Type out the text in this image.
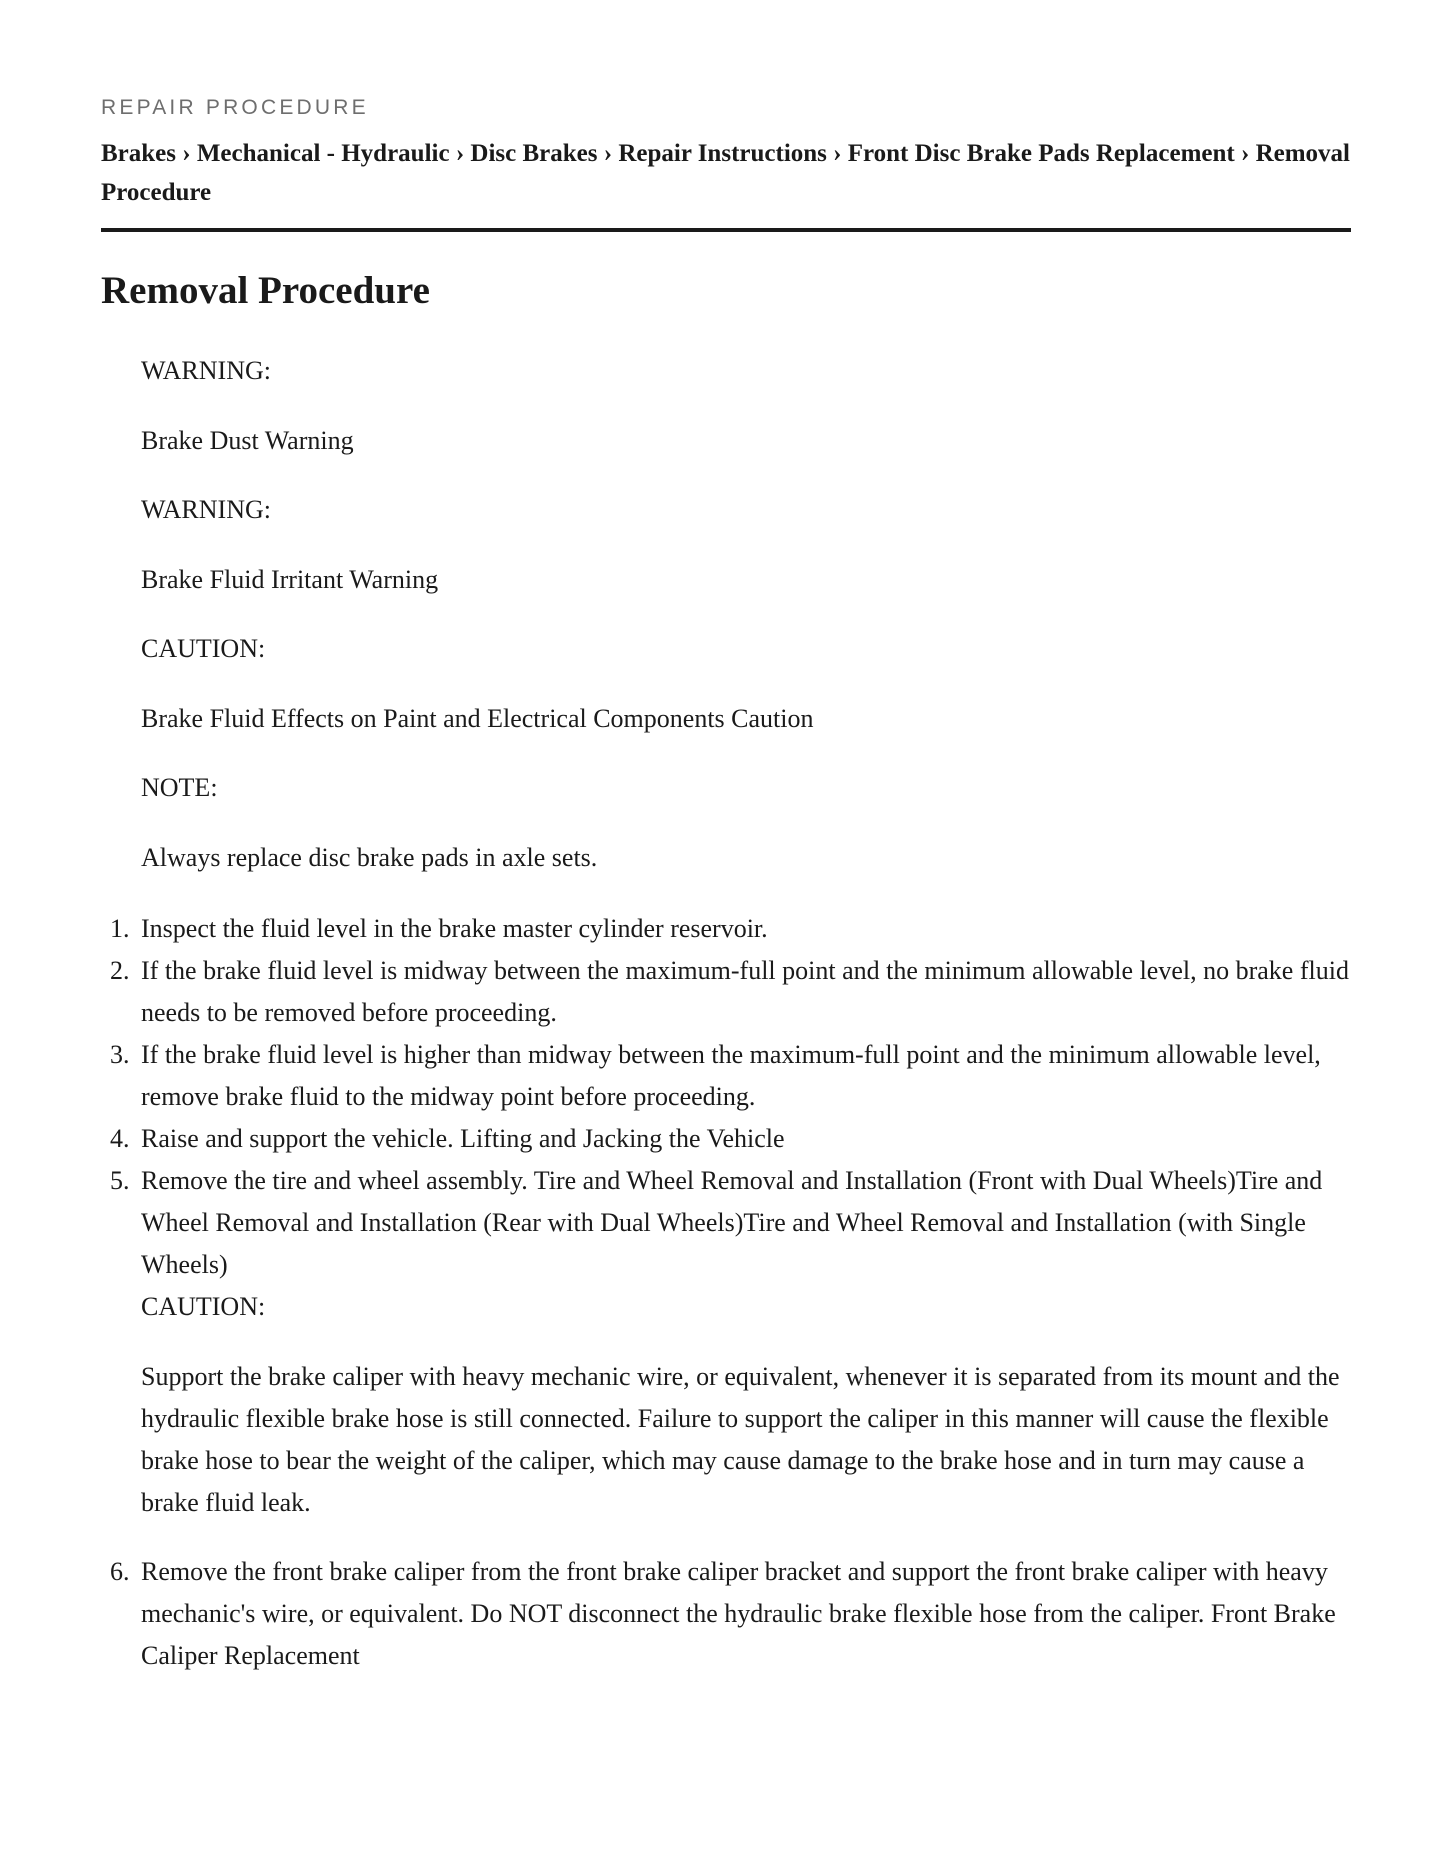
REPAIR PROCEDURE

Brakes › Mechanical - Hydraulic › Disc Brakes › Repair Instructions › Front Disc Brake Pads Replacement › Removal Procedure

Removal Procedure

WARNING:

Brake Dust Warning

WARNING:

Brake Fluid Irritant Warning

CAUTION:

Brake Fluid Effects on Paint and Electrical Components Caution

NOTE:

Always replace disc brake pads in axle sets.

1. Inspect the fluid level in the brake master cylinder reservoir.
2. If the brake fluid level is midway between the maximum-full point and the minimum allowable level, no brake fluid needs to be removed before proceeding.
3. If the brake fluid level is higher than midway between the maximum-full point and the minimum allowable level, remove brake fluid to the midway point before proceeding.
4. Raise and support the vehicle. Lifting and Jacking the Vehicle
5. Remove the tire and wheel assembly. Tire and Wheel Removal and Installation (Front with Dual Wheels)Tire and Wheel Removal and Installation (Rear with Dual Wheels)Tire and Wheel Removal and Installation (with Single Wheels)

CAUTION:

Support the brake caliper with heavy mechanic wire, or equivalent, whenever it is separated from its mount and the hydraulic flexible brake hose is still connected. Failure to support the caliper in this manner will cause the flexible brake hose to bear the weight of the caliper, which may cause damage to the brake hose and in turn may cause a brake fluid leak.

6. Remove the front brake caliper from the front brake caliper bracket and support the front brake caliper with heavy mechanic's wire, or equivalent. Do NOT disconnect the hydraulic brake flexible hose from the caliper. Front Brake Caliper Replacement
